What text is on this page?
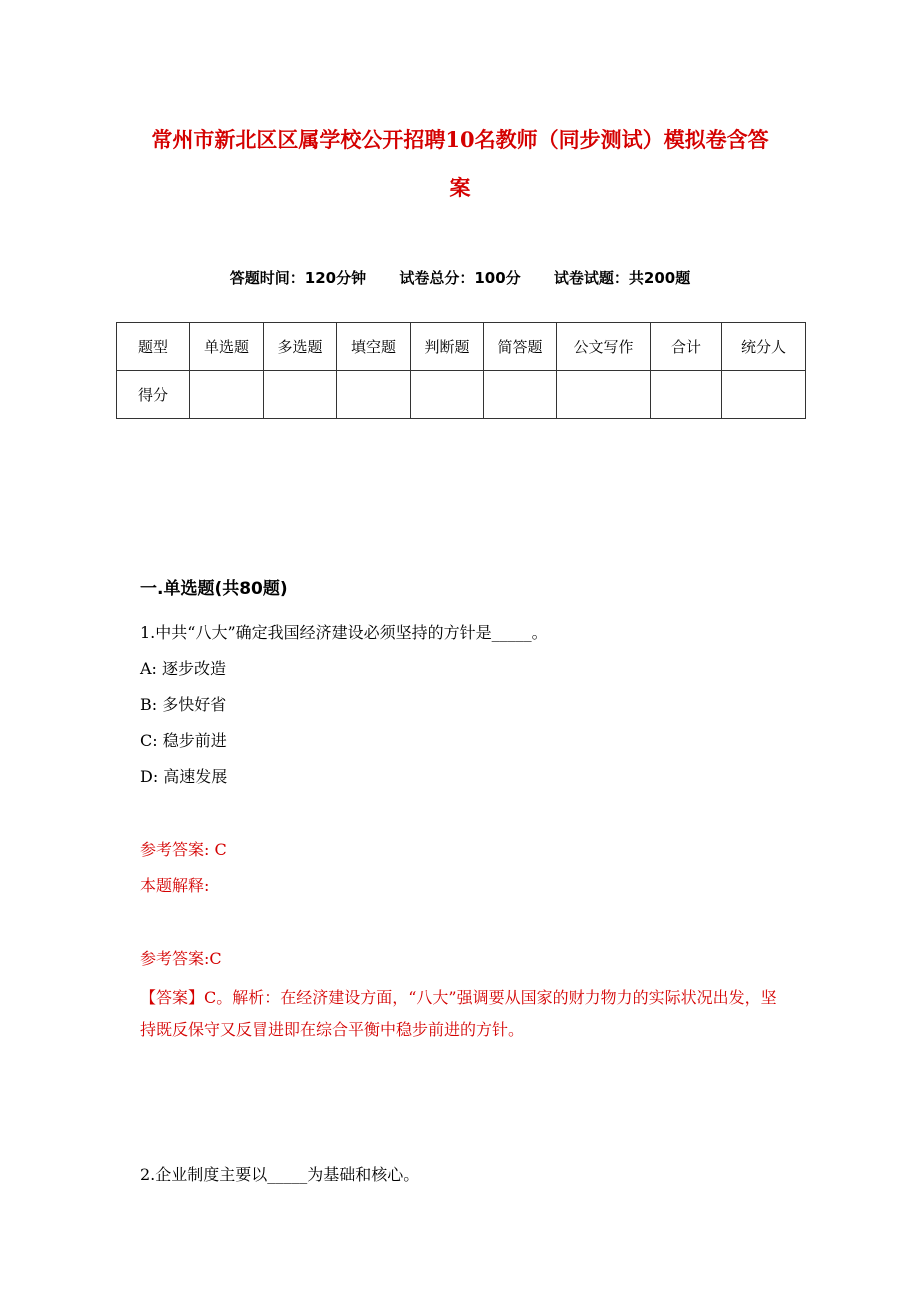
常州市新北区区属学校公开招聘10名教师（同步测试）模拟卷含答
案
答题时间：120分钟 试卷总分：100分 试卷试题：共200题
题型	单选题	多选题	填空题	判断题	简答题	公文写作	合计	统分人
得分								
一.单选题(共80题)
1.中共“八大”确定我国经济建设必须坚持的方针是_____。
A: 逐步改造
B: 多快好省
C: 稳步前进
D: 高速发展
参考答案: C
本题解释:
参考答案:C

【答案】C。解析：在经济建设方面，“八大”强调要从国家的财力物力的实际状况出发，坚持既反保守又反冒进即在综合平衡中稳步前进的方针。

2.企业制度主要以_____为基础和核心。
